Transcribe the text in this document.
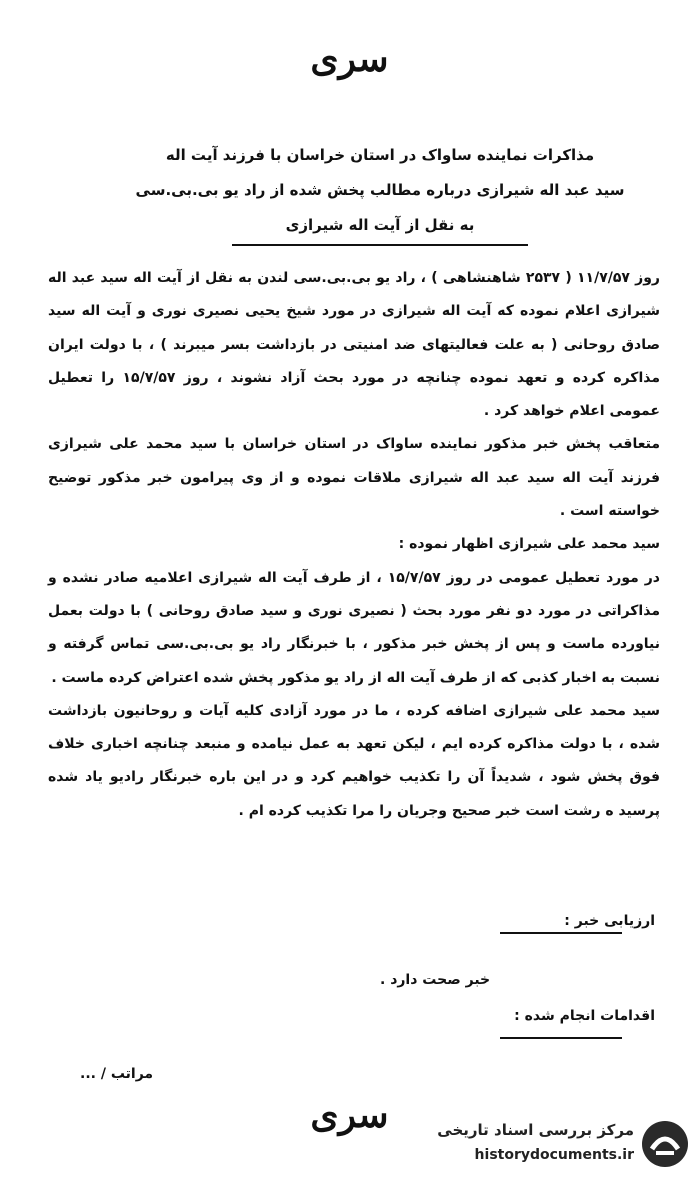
سری
مذاکرات نماینده ساواک در استان خراسان با فرزند آیت اله
سید عبد اله شیرازی درباره مطالب پخش شده از راد یو بی.بی.سی
به نقل از آیت اله شیرازی

روز ۱۱/۷/۵۷ ( ۲۵۳۷ شاهنشاهی ) ، راد یو بی.بی.سی لندن به نقل از آیت اله سید عبد اله شیرازی اعلام نموده که آیت اله شیرازی در مورد شیخ یحیی نصیری نوری و آیت اله سید صادق روحانی ( به علت فعالیتهای ضد امنیتی در بازداشت بسر میبرند ) ، با دولت ایران مذاکره کرده و تعهد نموده چنانچه در مورد بحث آزاد نشوند ، روز ۱۵/۷/۵۷ را تعطیل عمومی اعلام خواهد کرد .

متعاقب پخش خبر مذکور نماینده ساواک در استان خراسان با سید محمد علی شیرازی فرزند آیت اله سید عبد اله شیرازی ملاقات نموده و از وی پیرامون خبر مذکور توضیح خواسته است .

سید محمد علی شیرازی اظهار نموده :

در مورد تعطیل عمومی در روز ۱۵/۷/۵۷ ، از طرف آیت اله شیرازی اعلامیه صادر نشده و مذاکراتی در مورد دو نفر مورد بحث ( نصیری نوری و سید صادق روحانی ) با دولت بعمل نیاورده ماست و پس از پخش خبر مذکور ، با خبرنگار راد یو بی.بی.سی تماس گرفته و نسبت به اخبار کذبی که از طرف آیت اله از راد یو مذکور پخش شده اعتراض کرده ماست .

سید محمد علی شیرازی اضافه کرده ، ما در مورد آزادی کلیه آیات و روحانیون بازداشت شده ، با دولت مذاکره کرده ایم ، لیکن تعهد به عمل نیامده و منبعد چنانچه اخباری خلاف فوق پخش شود ، شدیداً آن را تکذیب خواهیم کرد و در این باره خبرنگار رادیو یاد شده پرسید ه رشت است خبر صحیح وجریان را مرا تکذیب کرده ام .

ارزیابی خبر :
خبر صحت دارد .
اقدامات انجام شده :
مراتب / ...
سری	مرکز بررسی اسناد تاریخی
historydocuments.ir
